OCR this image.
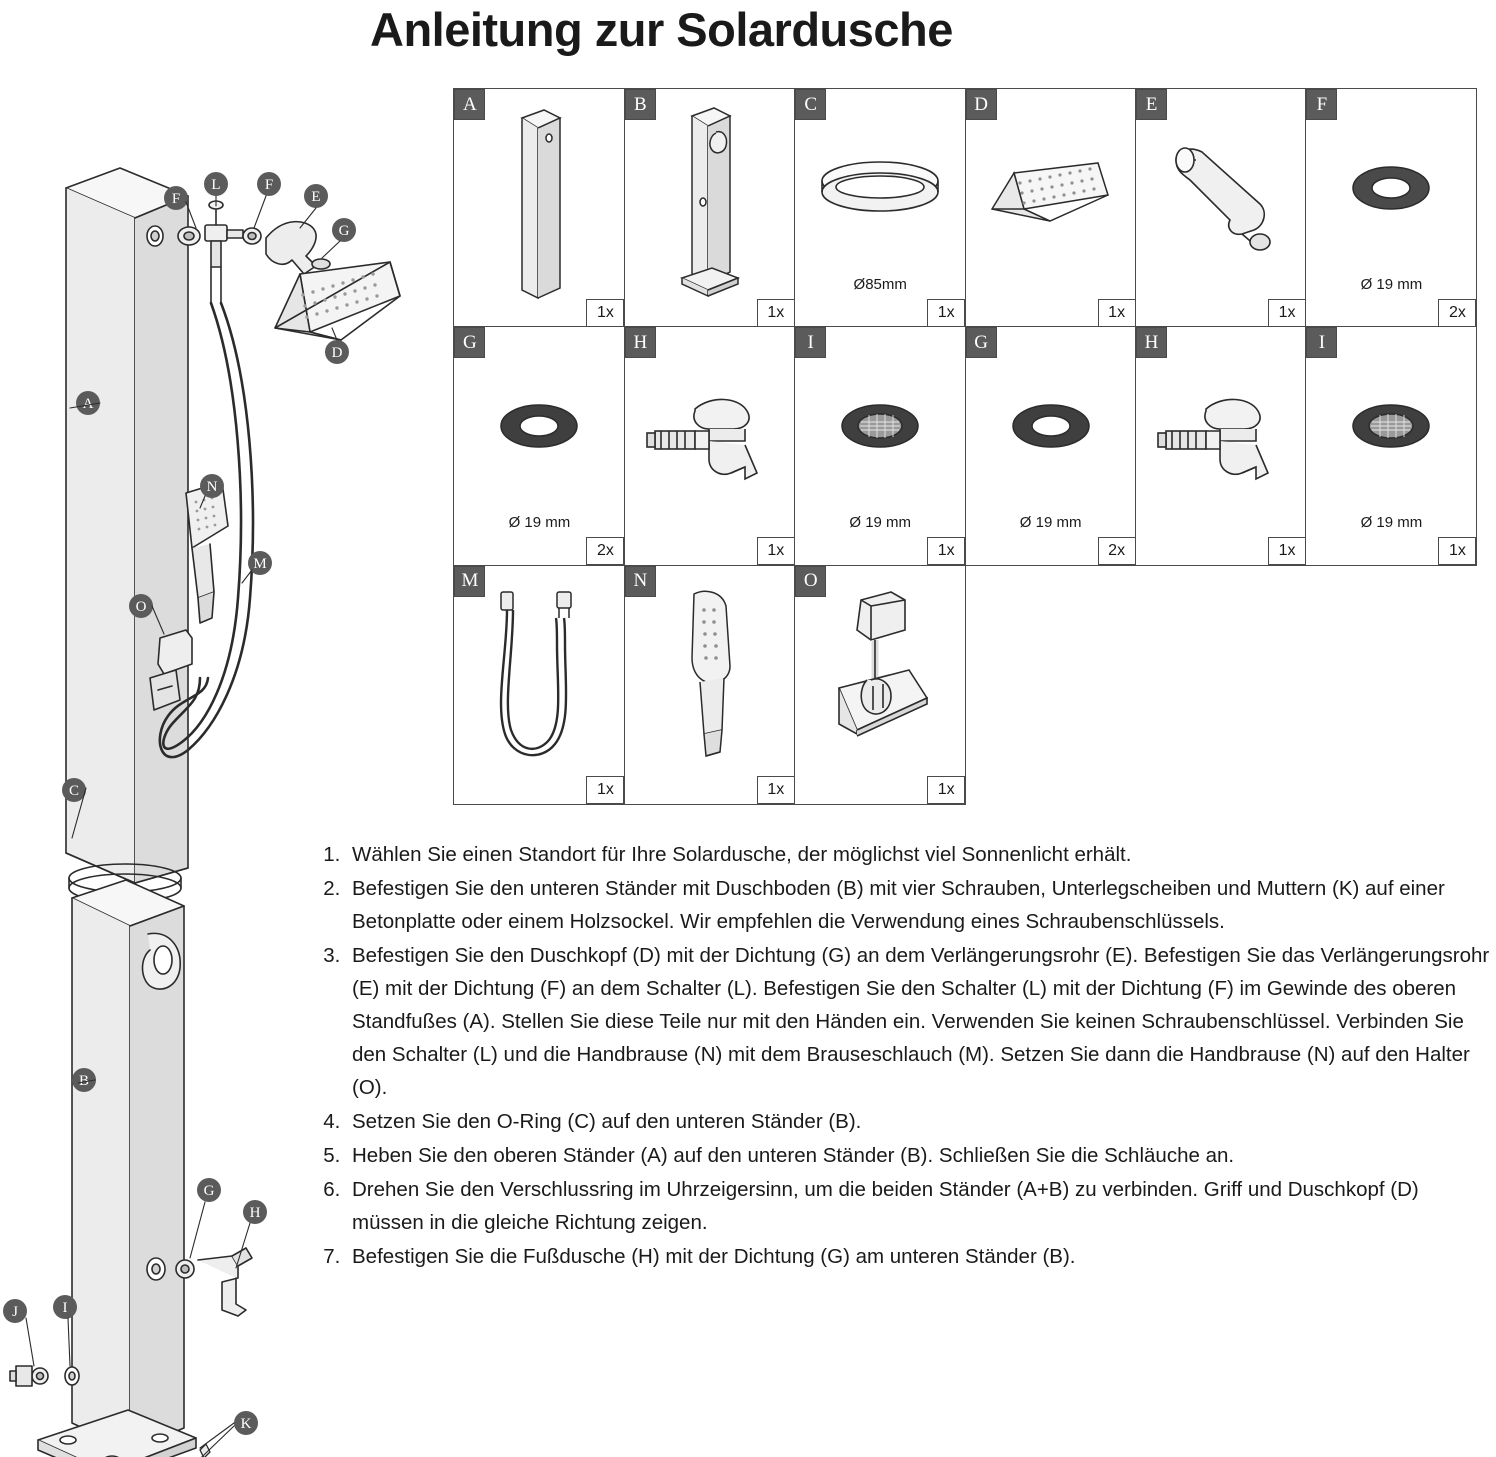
Anleitung zur Solardusche
L	F
E
G
D
F
A
N
M
O
C
B
G
H
J	I
K
A
1x
B
1x
C
Ø85mm
1x
D
1x
E
1x
F
Ø 19 mm
2x
G
Ø 19 mm
2x
H
1x
I
Ø 19 mm
1x
G
Ø 19 mm
2x
H
1x
I
Ø 19 mm
1x
M
1x
N
1x
O
1x
1. Wählen Sie einen Standort für Ihre Solardusche, der möglichst viel Sonnenlicht erhält.
2. Befestigen Sie den unteren Ständer mit Duschboden (B) mit vier Schrauben, Unterlegscheiben und Muttern (K) auf einer Betonplatte oder einem Holzsockel. Wir empfehlen die Verwendung eines Schraubenschlüssels.
3. Befestigen Sie den Duschkopf (D) mit der Dichtung (G) an dem Verlängerungsrohr (E). Befestigen Sie das Verlängerungsrohr (E) mit der Dichtung (F) an dem Schalter (L). Befestigen Sie den Schalter (L) mit der Dichtung (F) im Gewinde des oberen Standfußes (A). Stellen Sie diese Teile nur mit den Händen ein. Verwenden Sie keinen Schraubenschlüssel. Verbinden Sie den Schalter (L) und die Handbrause (N) mit dem Brauseschlauch (M). Setzen Sie dann die Handbrause (N) auf den Halter (O).
4. Setzen Sie den O-Ring (C) auf den unteren Ständer (B).
5. Heben Sie den oberen Ständer (A) auf den unteren Ständer (B). Schließen Sie die Schläuche an.
6. Drehen Sie den Verschlussring im Uhrzeigersinn, um die beiden Ständer (A+B) zu verbinden. Griff und Duschkopf (D) müssen in die gleiche Richtung zeigen.
7. Befestigen Sie die Fußdusche (H) mit der Dichtung (G) am unteren Ständer (B).
